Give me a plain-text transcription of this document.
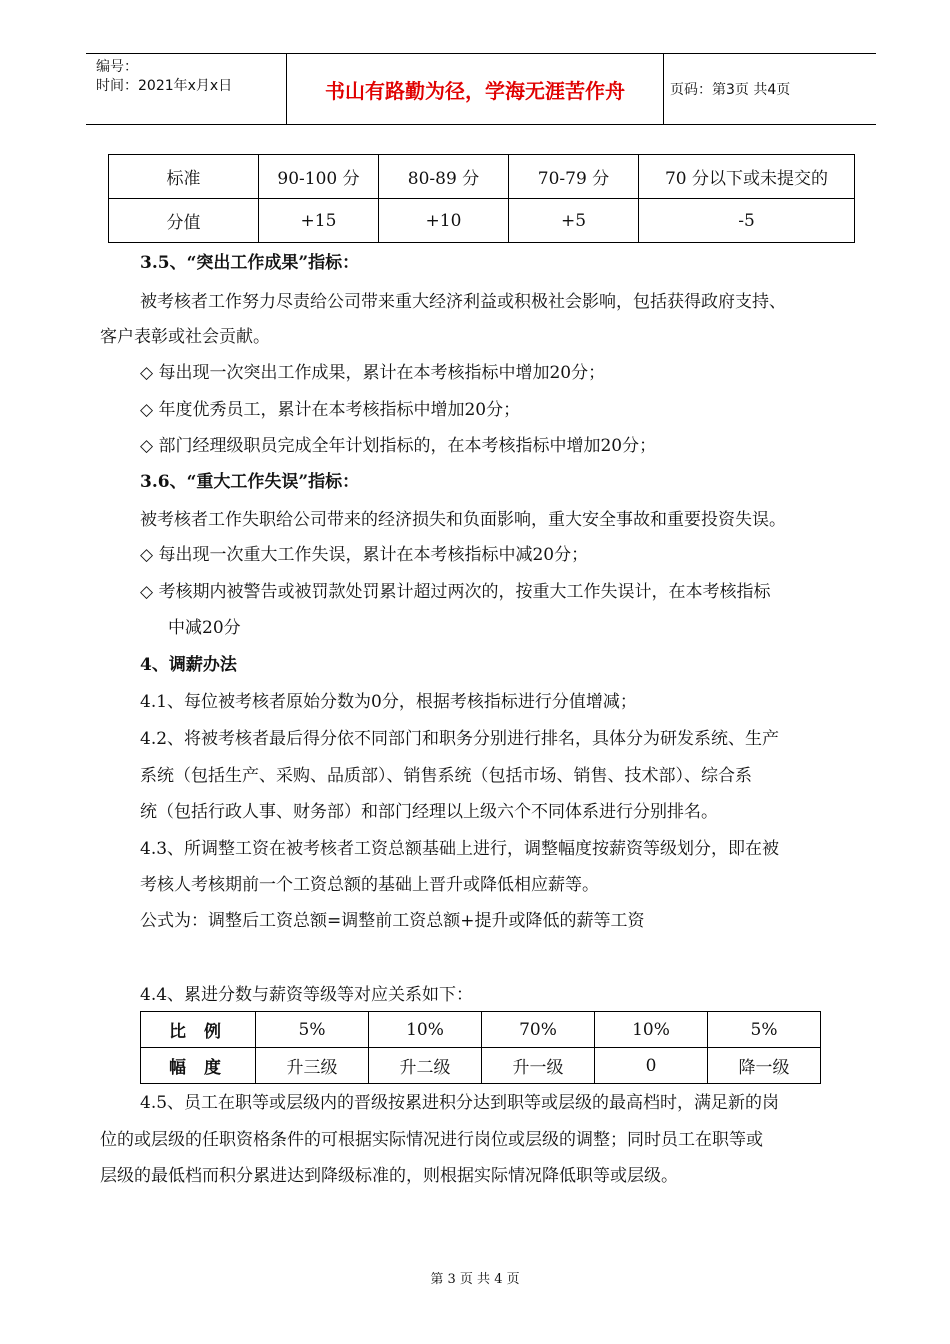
编号：
时间：2021年x月x日	书山有路勤为径，学海无涯苦作舟	页码：第3页 共4页
标准	90-100 分	80-89 分	70-79 分	70 分以下或未提交的
分值	+15	+10	+5	-5
3.5、“突出工作成果”指标：
被考核者工作努力尽责给公司带来重大经济利益或积极社会影响，包括获得政府支持、
客户表彰或社会贡献。
◇ 每出现一次突出工作成果，累计在本考核指标中增加20分；
◇ 年度优秀员工，累计在本考核指标中增加20分；
◇ 部门经理级职员完成全年计划指标的，在本考核指标中增加20分；
3.6、“重大工作失误”指标：
被考核者工作失职给公司带来的经济损失和负面影响，重大安全事故和重要投资失误。
◇ 每出现一次重大工作失误，累计在本考核指标中减20分；
◇ 考核期内被警告或被罚款处罚累计超过两次的，按重大工作失误计，在本考核指标
中减20分
4、调薪办法
4.1、每位被考核者原始分数为0分，根据考核指标进行分值增减；
4.2、将被考核者最后得分依不同部门和职务分别进行排名，具体分为研发系统、生产
系统（包括生产、采购、品质部）、销售系统（包括市场、销售、技术部）、综合系
统（包括行政人事、财务部）和部门经理以上级六个不同体系进行分别排名。
4.3、所调整工资在被考核者工资总额基础上进行，调整幅度按薪资等级划分，即在被
考核人考核期前一个工资总额的基础上晋升或降低相应薪等。
公式为：调整后工资总额=调整前工资总额+提升或降低的薪等工资
4.4、累进分数与薪资等级等对应关系如下：
比 例	5%	10%	70%	10%	5%
幅 度	升三级	升二级	升一级	0	降一级
4.5、员工在职等或层级内的晋级按累进积分达到职等或层级的最高档时，满足新的岗
位的或层级的任职资格条件的可根据实际情况进行岗位或层级的调整；同时员工在职等或
层级的最低档而积分累进达到降级标准的，则根据实际情况降低职等或层级。
第 3 页 共 4 页
